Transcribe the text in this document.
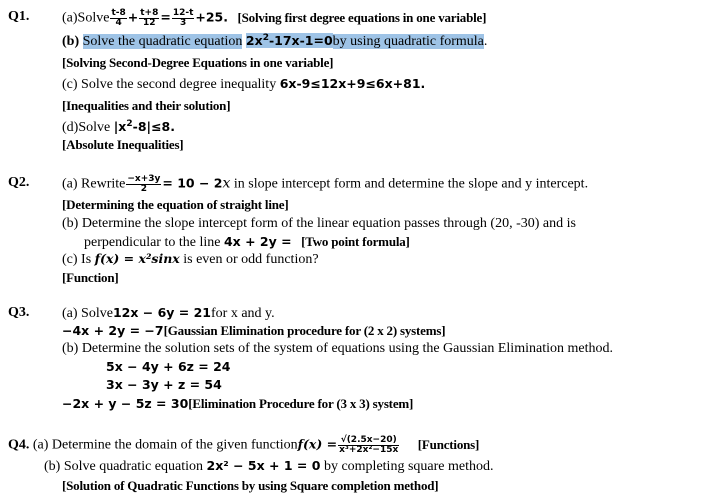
Q1. (a)Solve $\frac{t-8}{4} + \frac{t+8}{12} = \frac{12-t}{3} +25$. [Solving first degree equations in one variable]
(b) Solve the quadratic equation $2x^2-17x-1=0by$ using quadratic formula.
[Solving Second-Degree Equations in one variable]
(c) Solve the second degree inequality 6x-9≤12x+9≤6x+81.
[Inequalities and their solution]
(d)Solve $|x^2-8|\le 8$.
[Absolute Inequalities]
Q2. (a) Rewrite $\frac{-x+3y}{2} = 10 - 2x$ in slope intercept form and determine the slope and y intercept.
[Determining the equation of straight line]
(b) Determine the slope intercept form of the linear equation passes through (20, -30) and is
perpendicular to the line 4x + 2y = [Two point formula]
(c) Is f(x) = x²sinx is even or odd function?
[Function]
Q3. (a) Solve12x − 6y = 21for x and y.
−4x + 2y = −7[Gaussian Elimination procedure for (2 x 2) systems]
(b) Determine the solution sets of the system of equations using the Gaussian Elimination method.
5x − 4y + 6z = 24
3x − 3y + z = 54
−2x + y − 5z = 30[Elimination Procedure for (3 x 3) system]
Q4. (a) Determine the domain of the given functionf(x) = $\frac{√(2.5x-20)}{\text{x³+2x²−15x}}$ [Functions]
(b) Solve quadratic equation 2x² − 5x + 1 = 0 by completing square method.
[Solution of Quadratic Functions by using Square completion method]
